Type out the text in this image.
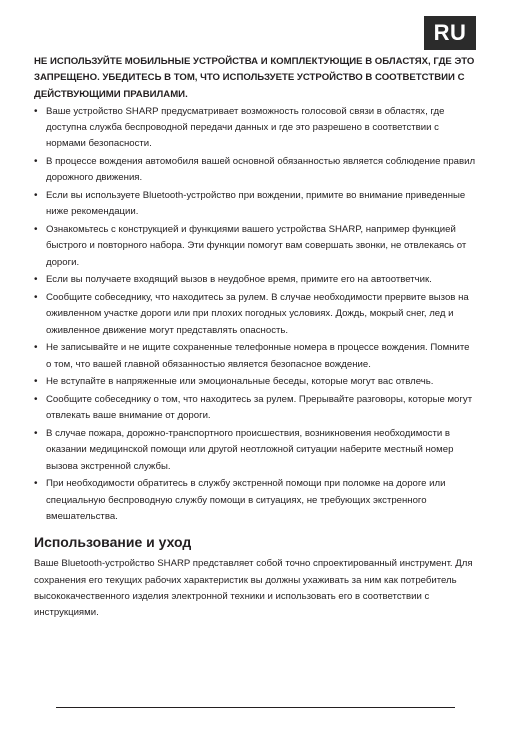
RU

НЕ ИСПОЛЬЗУЙТЕ МОБИЛЬНЫЕ УСТРОЙСТВА И КОМПЛЕКТУЮЩИЕ В ОБЛАСТЯХ, ГДЕ ЭТО ЗАПРЕЩЕНО. УБЕДИТЕСЬ В ТОМ, ЧТО ИСПОЛЬЗУЕТЕ УСТРОЙСТВО В СООТВЕТСТВИИ С ДЕЙСТВУЮЩИМИ ПРАВИЛАМИ.

• Ваше устройство SHARP предусматривает возможность голосовой связи в областях, где доступна служба беспроводной передачи данных и где это разрешено в соответствии с нормами безопасности.
• В процессе вождения автомобиля вашей основной обязанностью является соблюдение правил дорожного движения.
• Если вы используете Bluetooth-устройство при вождении, примите во внимание приведенные ниже рекомендации.
• Ознакомьтесь с конструкцией и функциями вашего устройства SHARP, например функцией быстрого и повторного набора. Эти функции помогут вам совершать звонки, не отвлекаясь от дороги.
• Если вы получаете входящий вызов в неудобное время, примите его на автоответчик.
• Сообщите собеседнику, что находитесь за рулем. В случае необходимости прервите вызов на оживленном участке дороги или при плохих погодных условиях. Дождь, мокрый снег, лед и оживленное движение могут представлять опасность.
• Не записывайте и не ищите сохраненные телефонные номера в процессе вождения. Помните о том, что вашей главной обязанностью является безопасное вождение.
• Не вступайте в напряженные или эмоциональные беседы, которые могут вас отвлечь.
• Сообщите собеседнику о том, что находитесь за рулем. Прерывайте разговоры, которые могут отвлекать ваше внимание от дороги.
• В случае пожара, дорожно-транспортного происшествия, возникновения необходимости в оказании медицинской помощи или другой неотложной ситуации наберите местный номер вызова экстренной службы.
• При необходимости обратитесь в службу экстренной помощи при поломке на дороге или специальную беспроводную службу помощи в ситуациях, не требующих экстренного вмешательства.
Использование и уход

Ваше Bluetooth-устройство SHARP представляет собой точно спроектированный инструмент. Для сохранения его текущих рабочих характеристик вы должны ухаживать за ним как потребитель высококачественного изделия электронной техники и использовать его в соответствии с инструкциями.
